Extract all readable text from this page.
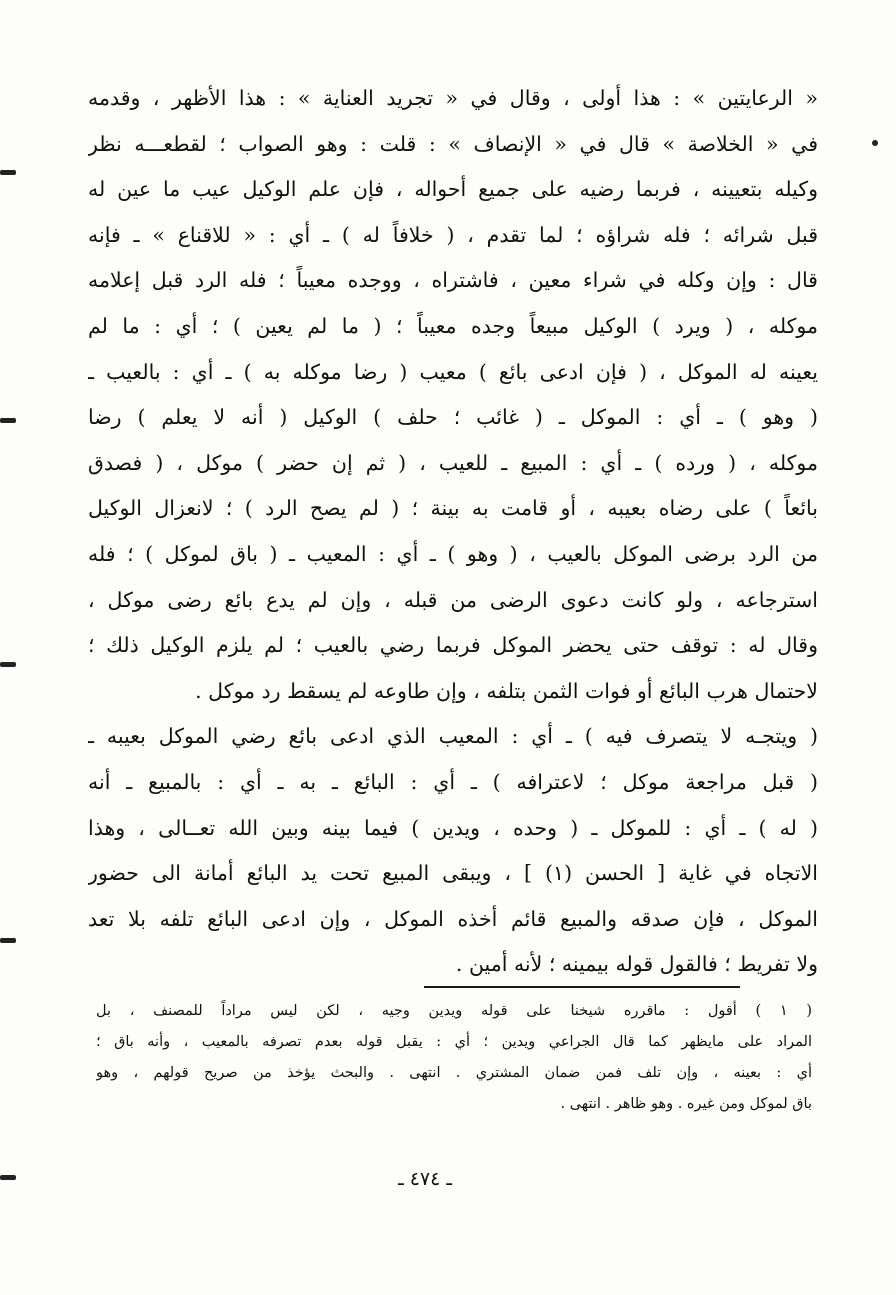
« الرعايتين » : هذا أولى ، وقال في « تجريد العناية » : هذا الأظهر ، وقدمه
في « الخلاصة » قال في « الإنصاف » : قلت : وهو الصواب ؛ لقطعـــه نظر
وكيله بتعيينه ، فربما رضيه على جميع أحواله ، فإن علم الوكيل عيب ما عين له
قبل شرائه ؛ فله شراؤه ؛ لما تقدم ، ( خلافاً له ) ـ أي : « للاقناع » ـ فإنه
قال : وإن وكله في شراء معين ، فاشتراه ، ووجده معيباً ؛ فله الرد قبل إعلامه
موكله ، ( ويرد ) الوكيل مبيعاً وجده معيباً ؛ ( ما لم يعين ) ؛ أي : ما لم
يعينه له الموكل ، ( فإن ادعى بائع ) معيب ( رضا موكله به ) ـ أي : بالعيب ـ
( وهو ) ـ أي : الموكل ـ ( غائب ؛ حلف ) الوكيل ( أنه لا يعلم ) رضا
موكله ، ( ورده ) ـ أي : المبيع ـ للعيب ، ( ثم إن حضر ) موكل ، ( فصدق
بائعاً ) على رضاه بعيبه ، أو قامت به بينة ؛ ( لم يصح الرد ) ؛ لانعزال الوكيل
من الرد برضى الموكل بالعيب ، ( وهو ) ـ أي : المعيب ـ ( باق لموكل ) ؛ فله
استرجاعه ، ولو كانت دعوى الرضى من قبله ، وإن لم يدع بائع رضى موكل ،
وقال له : توقف حتى يحضر الموكل فربما رضي بالعيب ؛ لم يلزم الوكيل ذلك ؛
لاحتمال هرب البائع أو فوات الثمن بتلفه ، وإن طاوعه لم يسقط رد موكل .
( ويتجـه لا يتصرف فيه ) ـ أي : المعيب الذي ادعى بائع رضي الموكل بعيبه ـ
( قبل مراجعة موكل ؛ لاعترافه ) ـ أي : البائع ـ به ـ أي : بالمبيع ـ أنه
( له ) ـ أي : للموكل ـ ( وحده ، ويدين ) فيما بينه وبين الله تعــالى ، وهذا
الاتجاه في غاية [ الحسن (١) ] ، ويبقى المبيع تحت يد البائع أمانة الى حضور
الموكل ، فإن صدقه والمبيع قائم أخذه الموكل ، وإن ادعى البائع تلفه بلا تعد
ولا تفريط ؛ فالقول قوله بيمينه ؛ لأنه أمين .
( ١ ) أقول : ماقرره شيخنا على قوله ويدين وجيه ، لكن ليس مراداً للمصنف ، بل
المراد على مايظهر كما قال الجراعي ويدين ؛ أي : يقبل قوله بعدم تصرفه بالمعيب ، وأنه باق ؛
أي : بعينه ، وإن تلف فمن ضمان المشتري . انتهى . والبحث يؤخذ من صريح قولهم ، وهو
باق لموكل ومن غيره . وهو ظاهر . انتهى .
ـ ٤٧٤ ـ
